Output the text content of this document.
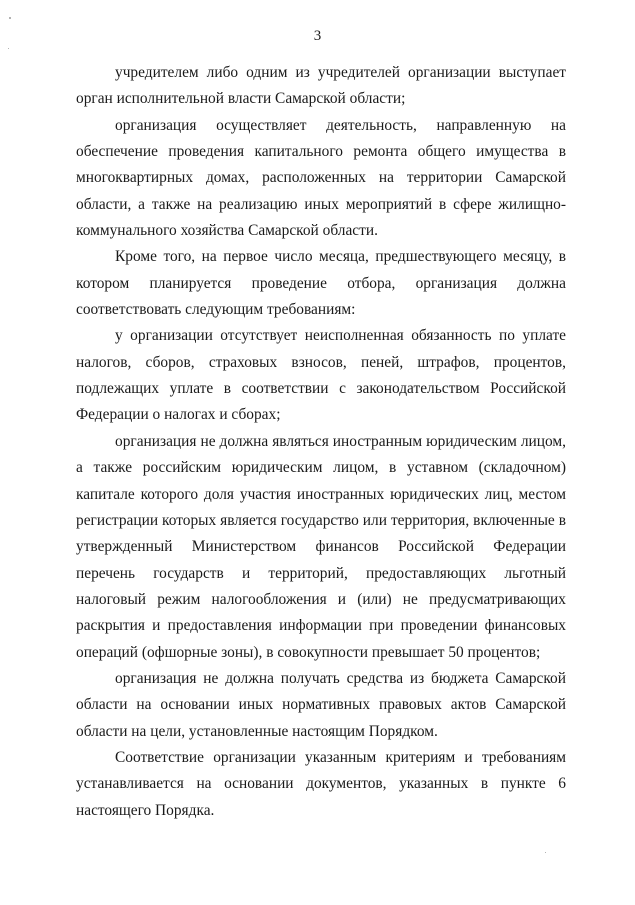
3

учредителем либо одним из учредителей организации выступает орган исполнительной власти Самарской области;

организация осуществляет деятельность, направленную на обеспечение проведения капитального ремонта общего имущества в многоквартирных домах, расположенных на территории Самарской области, а также на реализацию иных мероприятий в сфере жилищно-коммунального хозяйства Самарской области.

Кроме того, на первое число месяца, предшествующего месяцу, в котором планируется проведение отбора, организация должна соответствовать следующим требованиям:

у организации отсутствует неисполненная обязанность по уплате налогов, сборов, страховых взносов, пеней, штрафов, процентов, подлежащих уплате в соответствии с законодательством Российской Федерации о налогах и сборах;

организация не должна являться иностранным юридическим лицом, а также российским юридическим лицом, в уставном (складочном) капитале которого доля участия иностранных юридических лиц, местом регистрации которых является государство или территория, включенные в утвержденный Министерством финансов Российской Федерации перечень государств и территорий, предоставляющих льготный налоговый режим налогообложения и (или) не предусматривающих раскрытия и предоставления информации при проведении финансовых операций (офшорные зоны), в совокупности превышает 50 процентов;

организация не должна получать средства из бюджета Самарской области на основании иных нормативных правовых актов Самарской области на цели, установленные настоящим Порядком.

Соответствие организации указанным критериям и требованиям устанавливается на основании документов, указанных в пункте 6 настоящего Порядка.
